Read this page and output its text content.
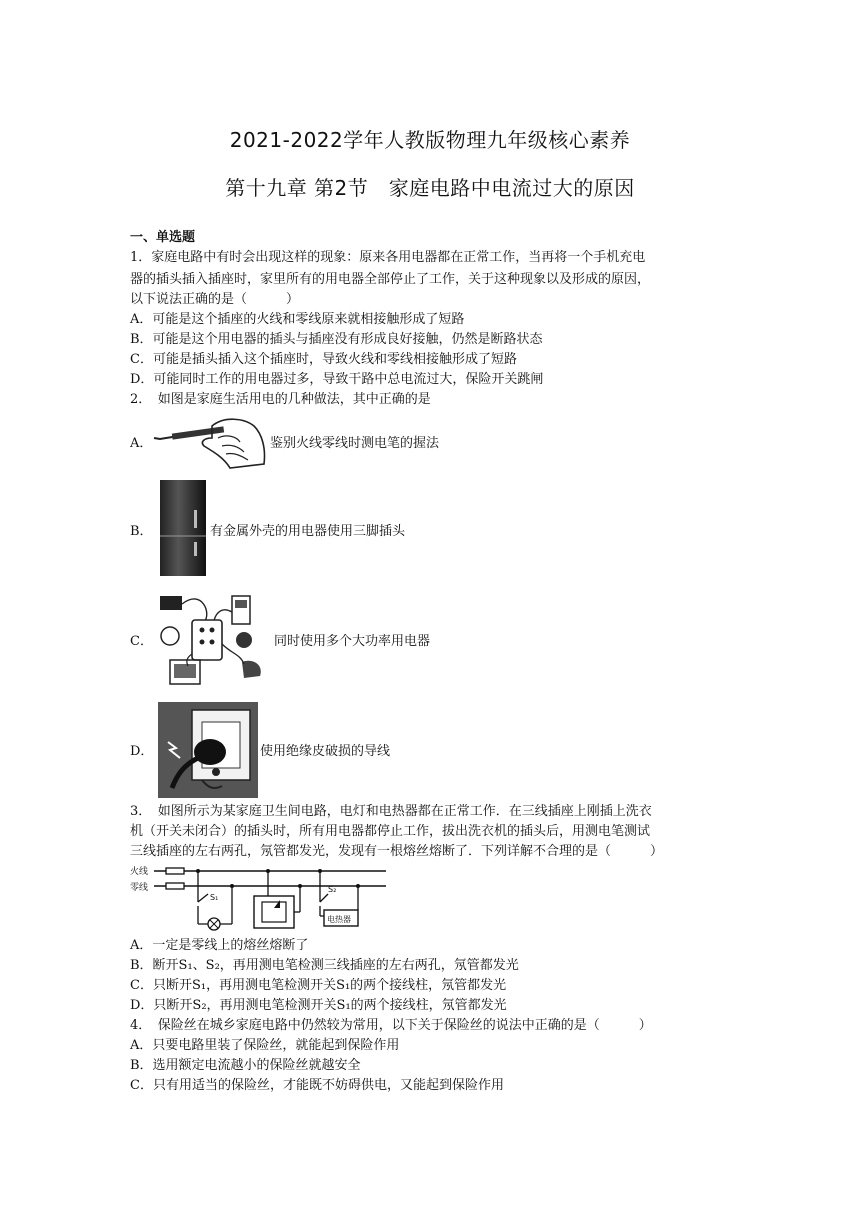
2021-2022学年人教版物理九年级核心素养
第十九章 第2节　家庭电路中电流过大的原因
一、单选题
1．家庭电路中有时会出现这样的现象：原来各用电器都在正常工作，当再将一个手机充电
器的插头插入插座时，家里所有的用电器全部停止了工作，关于这种现象以及形成的原因，
以下说法正确的是（　　　）
A．可能是这个插座的火线和零线原来就相接触形成了短路
B．可能是这个用电器的插头与插座没有形成良好接触，仍然是断路状态
C．可能是插头插入这个插座时，导致火线和零线相接触形成了短路
D．可能同时工作的用电器过多，导致干路中总电流过大，保险开关跳闸
2．　如图是家庭生活用电的几种做法，其中正确的是
A．	鉴别火线零线时测电笔的握法
B．	有金属外壳的用电器使用三脚插头
C．	同时使用多个大功率用电器
D．	使用绝缘皮破损的导线
3．　如图所示为某家庭卫生间电路，电灯和电热器都在正常工作．在三线插座上刚插上洗衣
机（开关未闭合）的插头时，所有用电器都停止工作，拔出洗衣机的插头后，用测电笔测试
三线插座的左右两孔，氖管都发光，发现有一根熔丝熔断了．下列详解不合理的是（　　　）
火线
零线
S₁
S₂
电热器
A．一定是零线上的熔丝熔断了
B．断开S₁、S₂，再用测电笔检测三线插座的左右两孔，氖管都发光
C．只断开S₁，再用测电笔检测开关S₁的两个接线柱，氖管都发光
D．只断开S₂，再用测电笔检测开关S₁的两个接线柱，氖管都发光
4．　保险丝在城乡家庭电路中仍然较为常用，以下关于保险丝的说法中正确的是（　　　）
A．只要电路里装了保险丝，就能起到保险作用
B．选用额定电流越小的保险丝就越安全
C．只有用适当的保险丝，才能既不妨碍供电，又能起到保险作用
